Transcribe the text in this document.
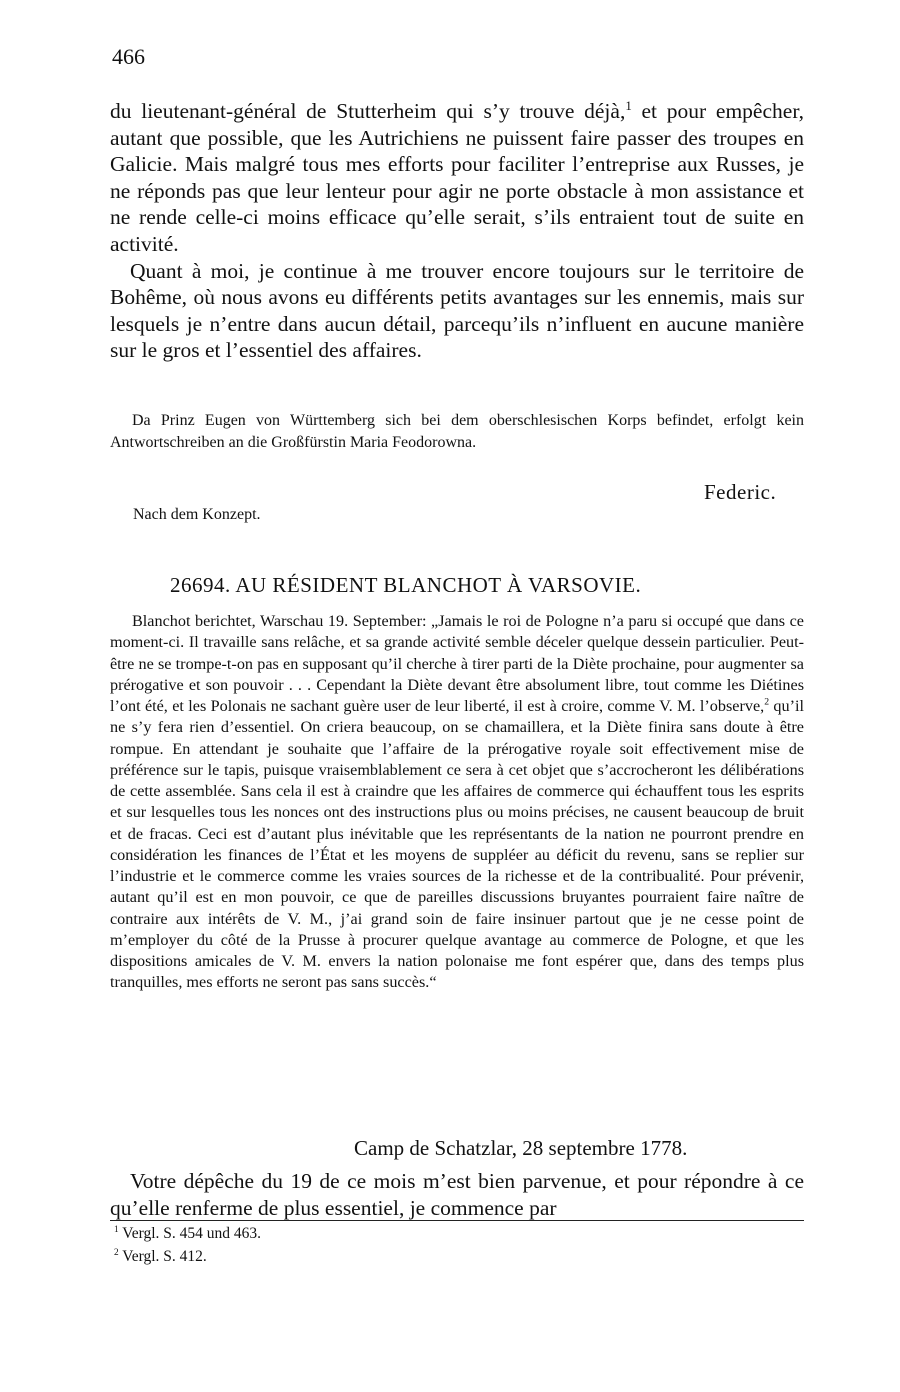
466

du lieutenant-général de Stutterheim qui s’y trouve déjà,$^1$ et pour empêcher, autant que possible, que les Autrichiens ne puissent faire passer des troupes en Galicie. Mais malgré tous mes efforts pour faciliter l’entreprise aux Russes, je ne réponds pas que leur lenteur pour agir ne porte obstacle à mon assistance et ne rende celle-ci moins efficace qu’elle serait, s’ils entraient tout de suite en activité.

Quant à moi, je continue à me trouver encore toujours sur le territoire de Bohême, où nous avons eu différents petits avantages sur les ennemis, mais sur lesquels je n’entre dans aucun détail, parcequ’ils n’influent en aucune manière sur le gros et l’essentiel des affaires.

Da Prinz Eugen von Württemberg sich bei dem oberschlesischen Korps befindet, erfolgt kein Antwortschreiben an die Großfürstin Maria Feodorowna.
Federic.
Nach dem Konzept.
26694. AU RÉSIDENT BLANCHOT À VARSOVIE.
Blanchot berichtet, Warschau 19. September: „Jamais le roi de Pologne n’a paru si occupé que dans ce moment-ci. Il travaille sans relâche, et sa grande activité semble déceler quelque dessein particulier. Peut-être ne se trompe-t-on pas en supposant qu’il cherche à tirer parti de la Diète prochaine, pour augmenter sa prérogative et son pouvoir . . . Cependant la Diète devant être absolument libre, tout comme les Diétines l’ont été, et les Polonais ne sachant guère user de leur liberté, il est à croire, comme V. M. l’observe,$^2$ qu’il ne s’y fera rien d’essentiel. On criera beaucoup, on se chamaillera, et la Diète finira sans doute à être rompue. En attendant je souhaite que l’affaire de la prérogative royale soit effectivement mise de préférence sur le tapis, puisque vraisemblablement ce sera à cet objet que s’accrocheront les délibérations de cette assemblée. Sans cela il est à craindre que les affaires de commerce qui échauffent tous les esprits et sur lesquelles tous les nonces ont des instructions plus ou moins précises, ne causent beaucoup de bruit et de fracas. Ceci est d’autant plus inévitable que les représentants de la nation ne pourront prendre en considération les finances de l’État et les moyens de suppléer au déficit du revenu, sans se replier sur l’industrie et le commerce comme les vraies sources de la richesse et de la contribualité. Pour prévenir, autant qu’il est en mon pouvoir, ce que de pareilles discussions bruyantes pourraient faire naître de contraire aux intérêts de V. M., j’ai grand soin de faire insinuer partout que je ne cesse point de m’employer du côté de la Prusse à procurer quelque avantage au commerce de Pologne, et que les dispositions amicales de V. M. envers la nation polonaise me font espérer que, dans des temps plus tranquilles, mes efforts ne seront pas sans succès.“
Camp de Schatzlar, 28 septembre 1778.
Votre dépêche du 19 de ce mois m’est bien parvenue, et pour répondre à ce qu’elle renferme de plus essentiel, je commence par
$^1$ Vergl. S. 454 und 463.
$^2$ Vergl. S. 412.
